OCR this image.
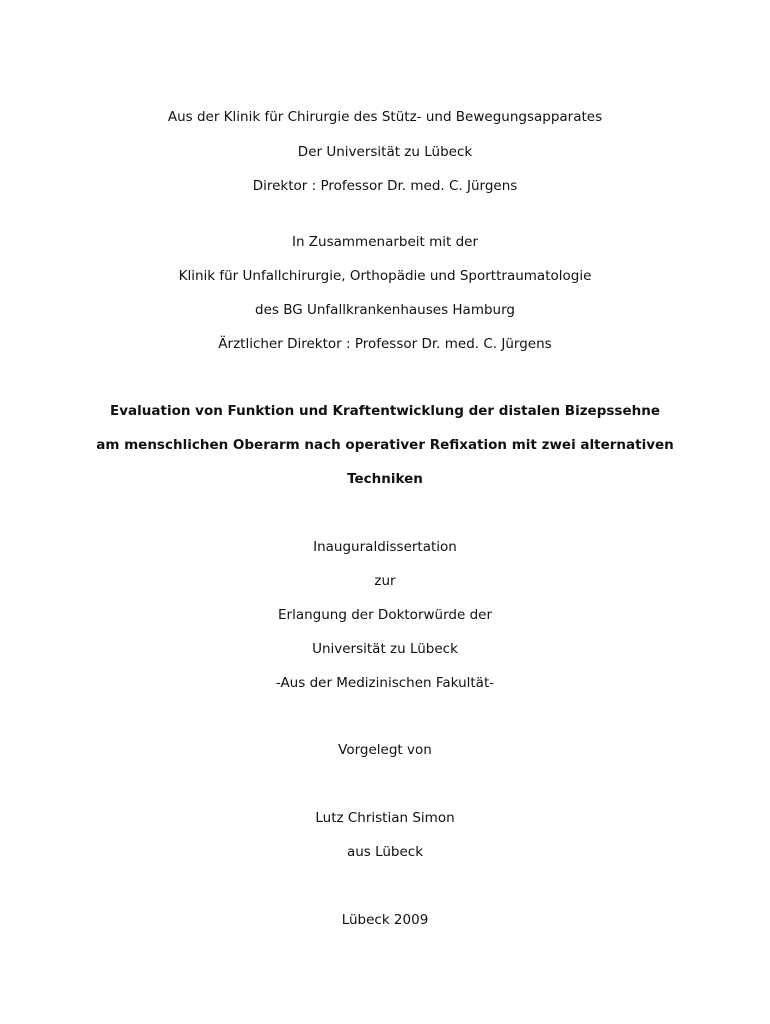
Aus der Klinik für Chirurgie des Stütz- und Bewegungsapparates
Der Universität zu Lübeck
Direktor : Professor Dr. med. C. Jürgens
In Zusammenarbeit mit der
Klinik für Unfallchirurgie, Orthopädie und Sporttraumatologie
des BG Unfallkrankenhauses Hamburg
Ärztlicher Direktor : Professor Dr. med. C. Jürgens
Evaluation von Funktion und Kraftentwicklung der distalen Bizepssehne
am menschlichen Oberarm nach operativer Refixation mit zwei alternativen
Techniken
Inauguraldissertation
zur
Erlangung der Doktorwürde der
Universität zu Lübeck
-Aus der Medizinischen Fakultät-
Vorgelegt von
Lutz Christian Simon
aus Lübeck
Lübeck 2009
